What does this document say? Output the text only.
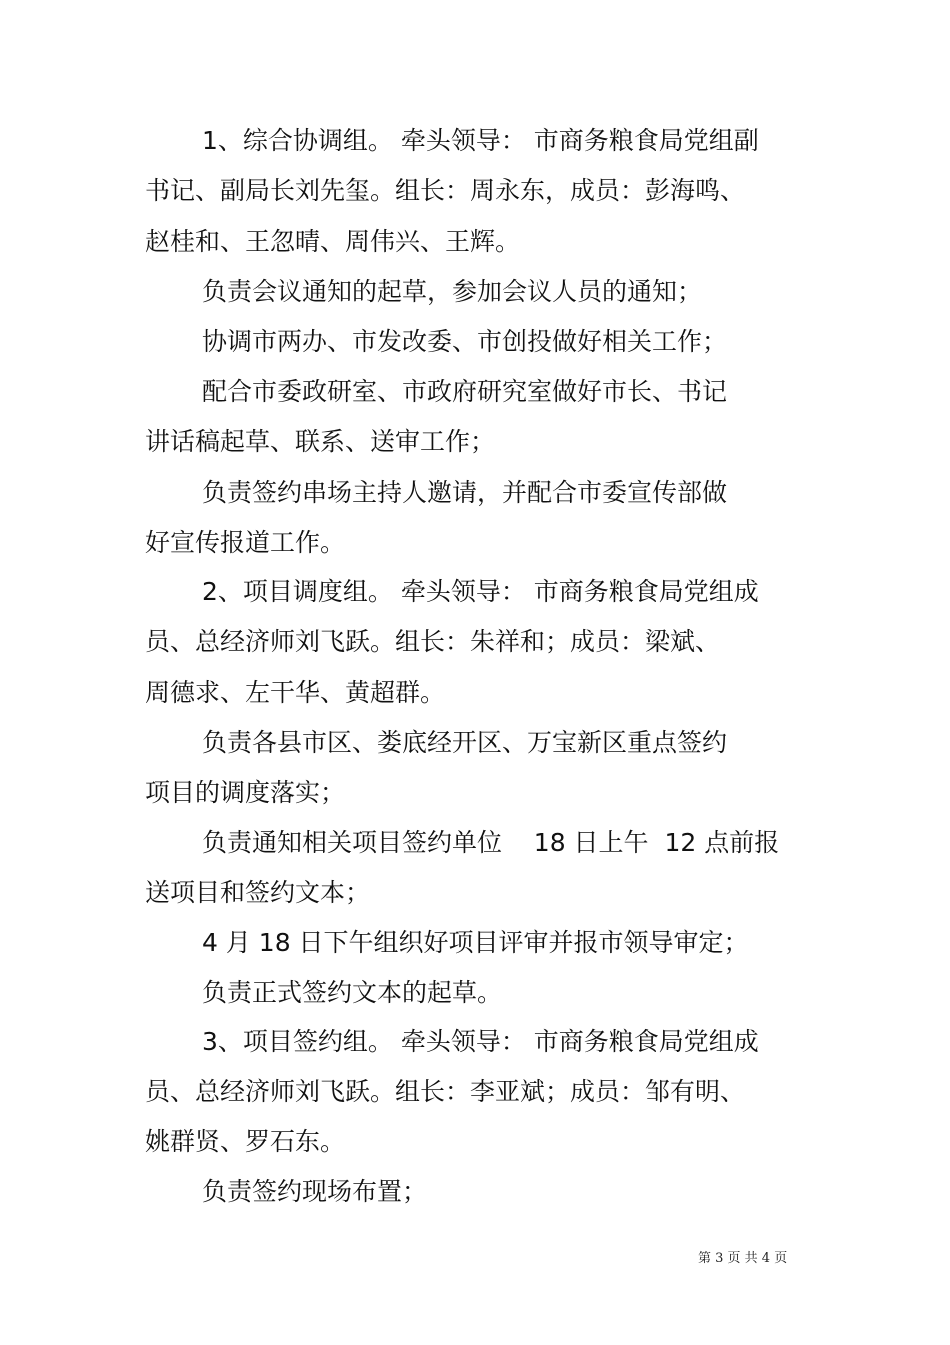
1、综合协调组。 牵头领导： 市商务粮食局党组副
书记、副局长刘先玺。组长：周永东，成员：彭海鸣、
赵桂和、王忽晴、周伟兴、王辉。
负责会议通知的起草，参加会议人员的通知；
协调市两办、市发改委、市创投做好相关工作；
配合市委政研室、市政府研究室做好市长、书记
讲话稿起草、联系、送审工作；
负责签约串场主持人邀请，并配合市委宣传部做
好宣传报道工作。
2、项目调度组。 牵头领导： 市商务粮食局党组成
员、总经济师刘飞跃。组长：朱祥和；成员：梁斌、
周德求、左干华、黄超群。
负责各县市区、娄底经开区、万宝新区重点签约
项目的调度落实；
负责通知相关项目签约单位    18 日上午  12 点前报
送项目和签约文本；
4 月 18 日下午组织好项目评审并报市领导审定；
负责正式签约文本的起草。
3、项目签约组。 牵头领导： 市商务粮食局党组成
员、总经济师刘飞跃。组长：李亚斌；成员：邹有明、
姚群贤、罗石东。
负责签约现场布置；
第 3 页 共 4 页
